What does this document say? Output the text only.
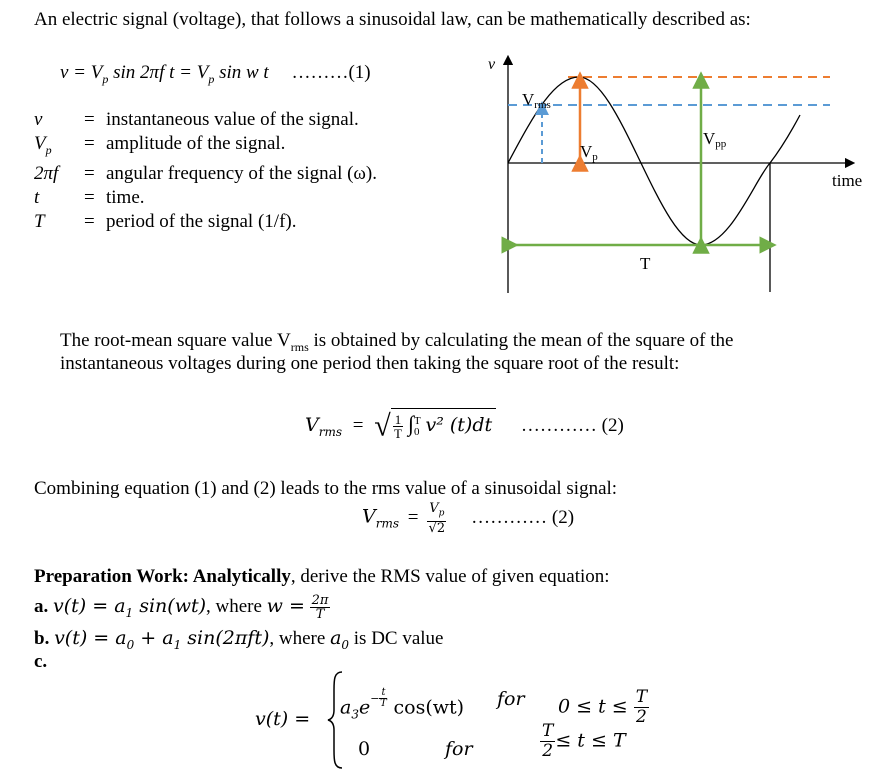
An electric signal (voltage), that follows a sinusoidal law, can be mathematically described as:
$v = V_p$ sin 2πf $t = V_p$ sin w t ………(1)
v	=	instantaneous value of the signal.
$V_p$	=	amplitude of the signal.
2πf	=	angular frequency of the signal (ω).
t	=	time.
T	=	period of the signal (1/f).
v
time
Vrms
Vp
Vpp
T
The root-mean square value $V_{rms}$ is obtained by calculating the mean of the square of the
instantaneous voltages during one period then taking the square root of the result:
$V_{rms}$ = √ $\frac{1}{T}$ ∫ T
0 v² (t)dt ………… (2)
Combining equation (1) and (2) leads to the rms value of a sinusoidal signal:
$V_{rms} = \frac{V_p}{√2}$ ………… (2)
Preparation Work: Analytically, derive the RMS value of given equation:
a. $v(t) = a_1$ sin(wt), where $w = \frac{2\pi}{T}$
b. $v(t) = a_0 + a_1$ sin(2πft), where $a_0$ is DC value
c.
v(t) =
$a_3e^{- \frac{t}{T}}$ cos(wt) for $0 \le t \le \frac{T}{2}$
0	for	$\frac{T}{2} \le t \le T$
